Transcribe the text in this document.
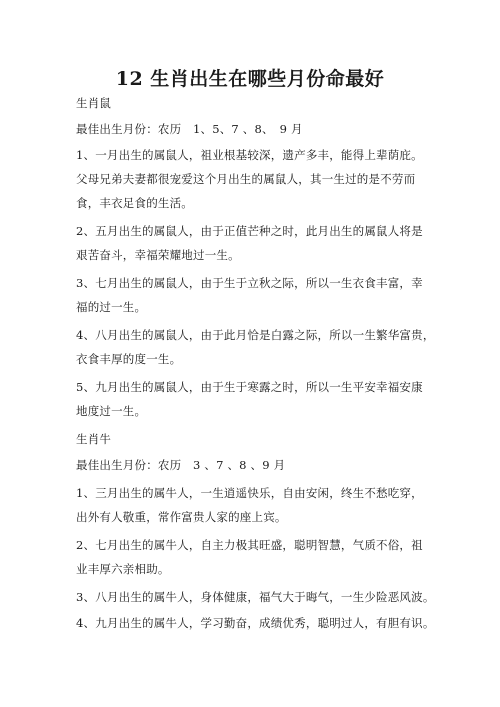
12 生肖出生在哪些月份命最好
生肖鼠
最佳出生月份：农历　1、5、7 、8、　9 月
1、一月出生的属鼠人，祖业根基较深，遗产多丰，能得上辈荫庇。
父母兄弟夫妻都很宠爱这个月出生的属鼠人，其一生过的是不劳而
食，丰衣足食的生活。
2、五月出生的属鼠人，由于正值芒种之时，此月出生的属鼠人将是
艰苦奋斗，幸福荣耀地过一生。
3、七月出生的属鼠人，由于生于立秋之际，所以一生衣食丰富，幸
福的过一生。
4、八月出生的属鼠人，由于此月恰是白露之际，所以一生繁华富贵，
衣食丰厚的度一生。
5、九月出生的属鼠人，由于生于寒露之时，所以一生平安幸福安康
地度过一生。
生肖牛
最佳出生月份：农历　3 、7 、8 、9 月
1、三月出生的属牛人，一生逍遥快乐，自由安闲，终生不愁吃穿，
出外有人敬重，常作富贵人家的座上宾。
2、七月出生的属牛人，自主力极其旺盛，聪明智慧，气质不俗，祖
业丰厚六亲相助。
3、八月出生的属牛人，身体健康，福气大于晦气，一生少险恶风波。
4、九月出生的属牛人，学习勤奋，成绩优秀，聪明过人，有胆有识。
